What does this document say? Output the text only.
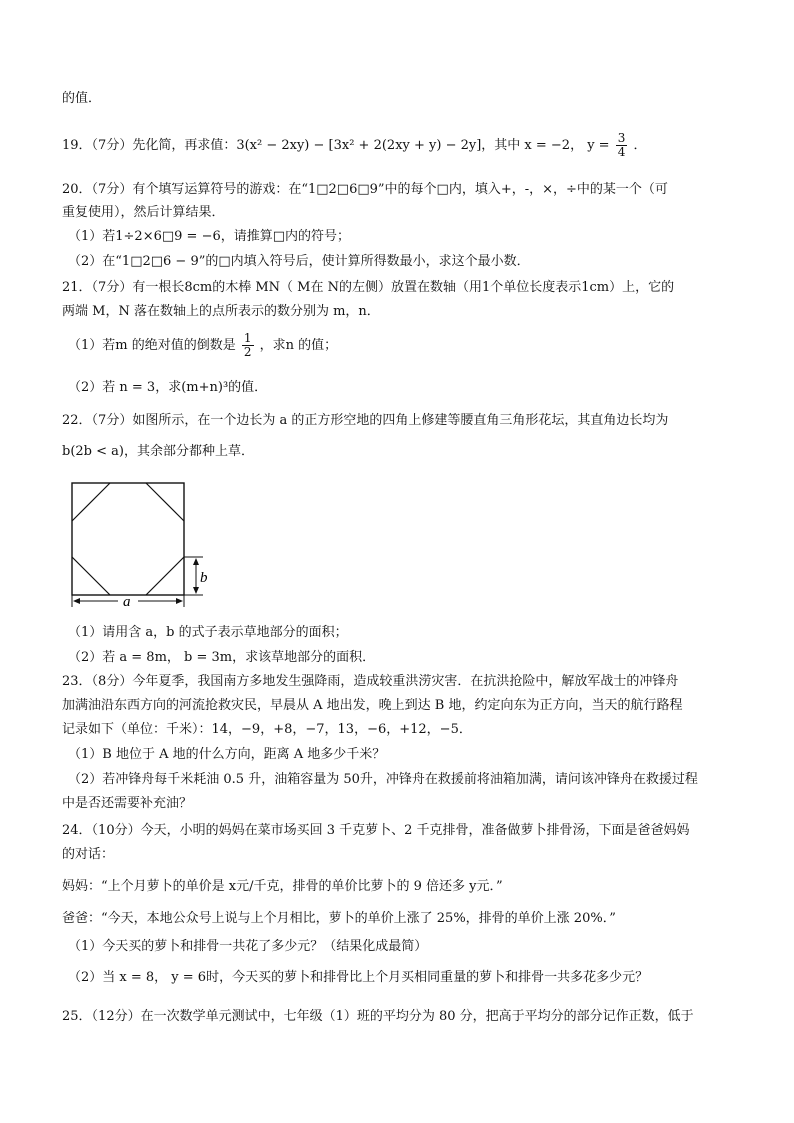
的值．
19．（7分）先化简，再求值：3(x² − 2xy) − [3x² + 2(2xy + y) − 2y]，其中 x = −2， $y = \frac{3}{4}$ ．
20．（7分）有个填写运算符号的游戏：在“1□2□6□9”中的每个□内，填入+，-，×，÷中的某一个（可
重复使用），然后计算结果．
（1）若1÷2×6□9 = −6，请推算□内的符号；
（2）在“1□2□6 − 9”的□内填入符号后，使计算所得数最小，求这个最小数．
21．（7分）有一根长8cm的木棒 MN（ M在 N的左侧）放置在数轴（用1个单位长度表示1cm）上，它的
两端 M，N 落在数轴上的点所表示的数分别为 m，n．
（1）若m 的绝对值的倒数是 $\frac{1}{2}$ ，求n 的值；
（2）若 n = 3，求(m+n)³的值．
22．（7分）如图所示，在一个边长为 a 的正方形空地的四角上修建等腰直角三角形花坛，其直角边长均为
b(2b < a)，其余部分都种上草．
b
a
（1）请用含 a，b 的式子表示草地部分的面积；
（2）若 a = 8m， b = 3m，求该草地部分的面积．
23．（8分）今年夏季，我国南方多地发生强降雨，造成较重洪涝灾害．在抗洪抢险中，解放军战士的冲锋舟
加满油沿东西方向的河流抢救灾民，早晨从 A 地出发，晚上到达 B 地，约定向东为正方向，当天的航行路程
记录如下（单位：千米）：14，−9，+8，−7，13，−6，+12，−5．
（1）B 地位于 A 地的什么方向，距离 A 地多少千米？
（2）若冲锋舟每千米耗油 0.5 升，油箱容量为 50升，冲锋舟在救援前将油箱加满，请问该冲锋舟在救援过程
中是否还需要补充油？
24．（10分）今天，小明的妈妈在菜市场买回 3 千克萝卜、2 千克排骨，准备做萝卜排骨汤，下面是爸爸妈妈
的对话：
妈妈：“上个月萝卜的单价是 x元/千克，排骨的单价比萝卜的 9 倍还多 y元．”
爸爸：“今天，本地公众号上说与上个月相比，萝卜的单价上涨了 25%，排骨的单价上涨 20%．”
（1）今天买的萝卜和排骨一共花了多少元？（结果化成最简）
（2）当 x = 8， y = 6时，今天买的萝卜和排骨比上个月买相同重量的萝卜和排骨一共多花多少元？
25．（12分）在一次数学单元测试中，七年级（1）班的平均分为 80 分，把高于平均分的部分记作正数，低于
